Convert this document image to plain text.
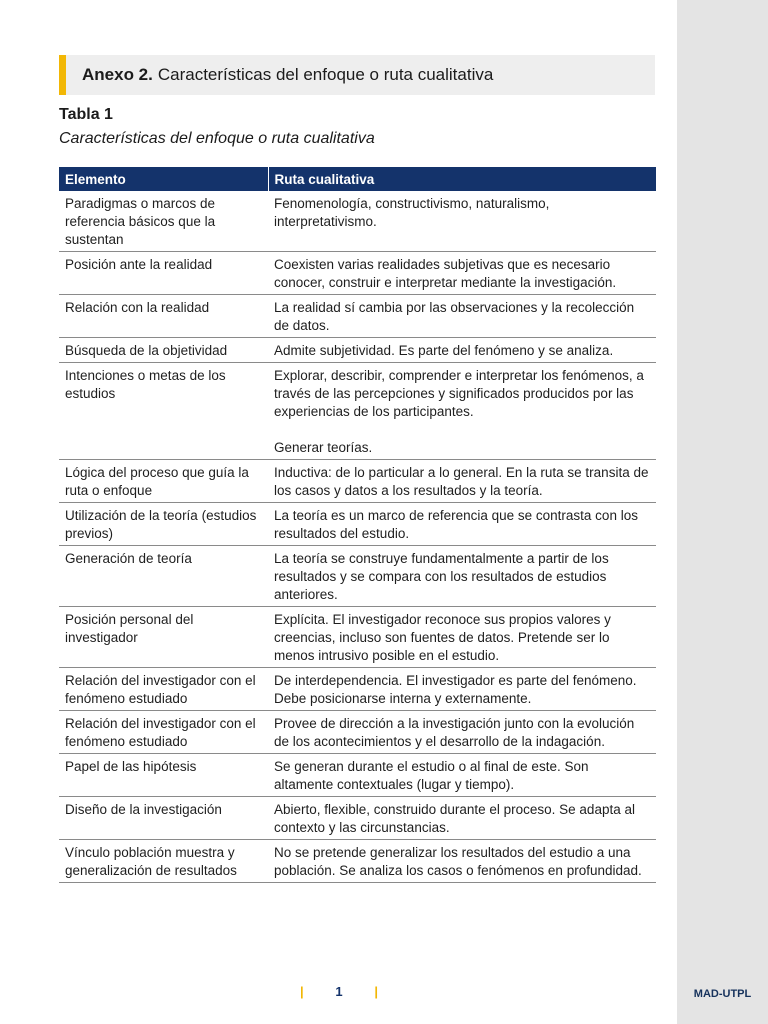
MAD-UTPL
Anexo 2. Características del enfoque o ruta cualitativa
Tabla 1
Características del enfoque o ruta cualitativa
Elemento	Ruta cualitativa
Paradigmas o marcos de referencia básicos que la sustentan	Fenomenología, constructivismo, naturalismo, interpretativismo.
Posición ante la realidad	Coexisten varias realidades subjetivas que es necesario conocer, construir e interpretar mediante la investigación.
Relación con la realidad	La realidad sí cambia por las observaciones y la recolección de datos.
Búsqueda de la objetividad	Admite subjetividad. Es parte del fenómeno y se analiza.
Intenciones o metas de los estudios	Explorar, describir, comprender e interpretar los fenómenos, a través de las percepciones y significados producidos por las experiencias de los participantes.
Generar teorías.

Lógica del proceso que guía la ruta o enfoque	Inductiva: de lo particular a lo general. En la ruta se transita de los casos y datos a los resultados y la teoría.
Utilización de la teoría (estudios previos)	La teoría es un marco de referencia que se contrasta con los resultados del estudio.
Generación de teoría	La teoría se construye fundamentalmente a partir de los resultados y se compara con los resultados de estudios anteriores.
Posición personal del investigador	Explícita. El investigador reconoce sus propios valores y creencias, incluso son fuentes de datos. Pretende ser lo menos intrusivo posible en el estudio.
Relación del investigador con el fenómeno estudiado	De interdependencia. El investigador es parte del fenómeno. Debe posicionarse interna y externamente.
Relación del investigador con el fenómeno estudiado	Provee de dirección a la investigación junto con la evolución de los acontecimientos y el desarrollo de la indagación.
Papel de las hipótesis	Se generan durante el estudio o al final de este. Son altamente contextuales (lugar y tiempo).
Diseño de la investigación	Abierto, flexible, construido durante el proceso. Se adapta al contexto y las circunstancias.
Vínculo población muestra y generalización de resultados	No se pretende generalizar los resultados del estudio a una población. Se analiza los casos o fenómenos en profundidad.
| 1 |
